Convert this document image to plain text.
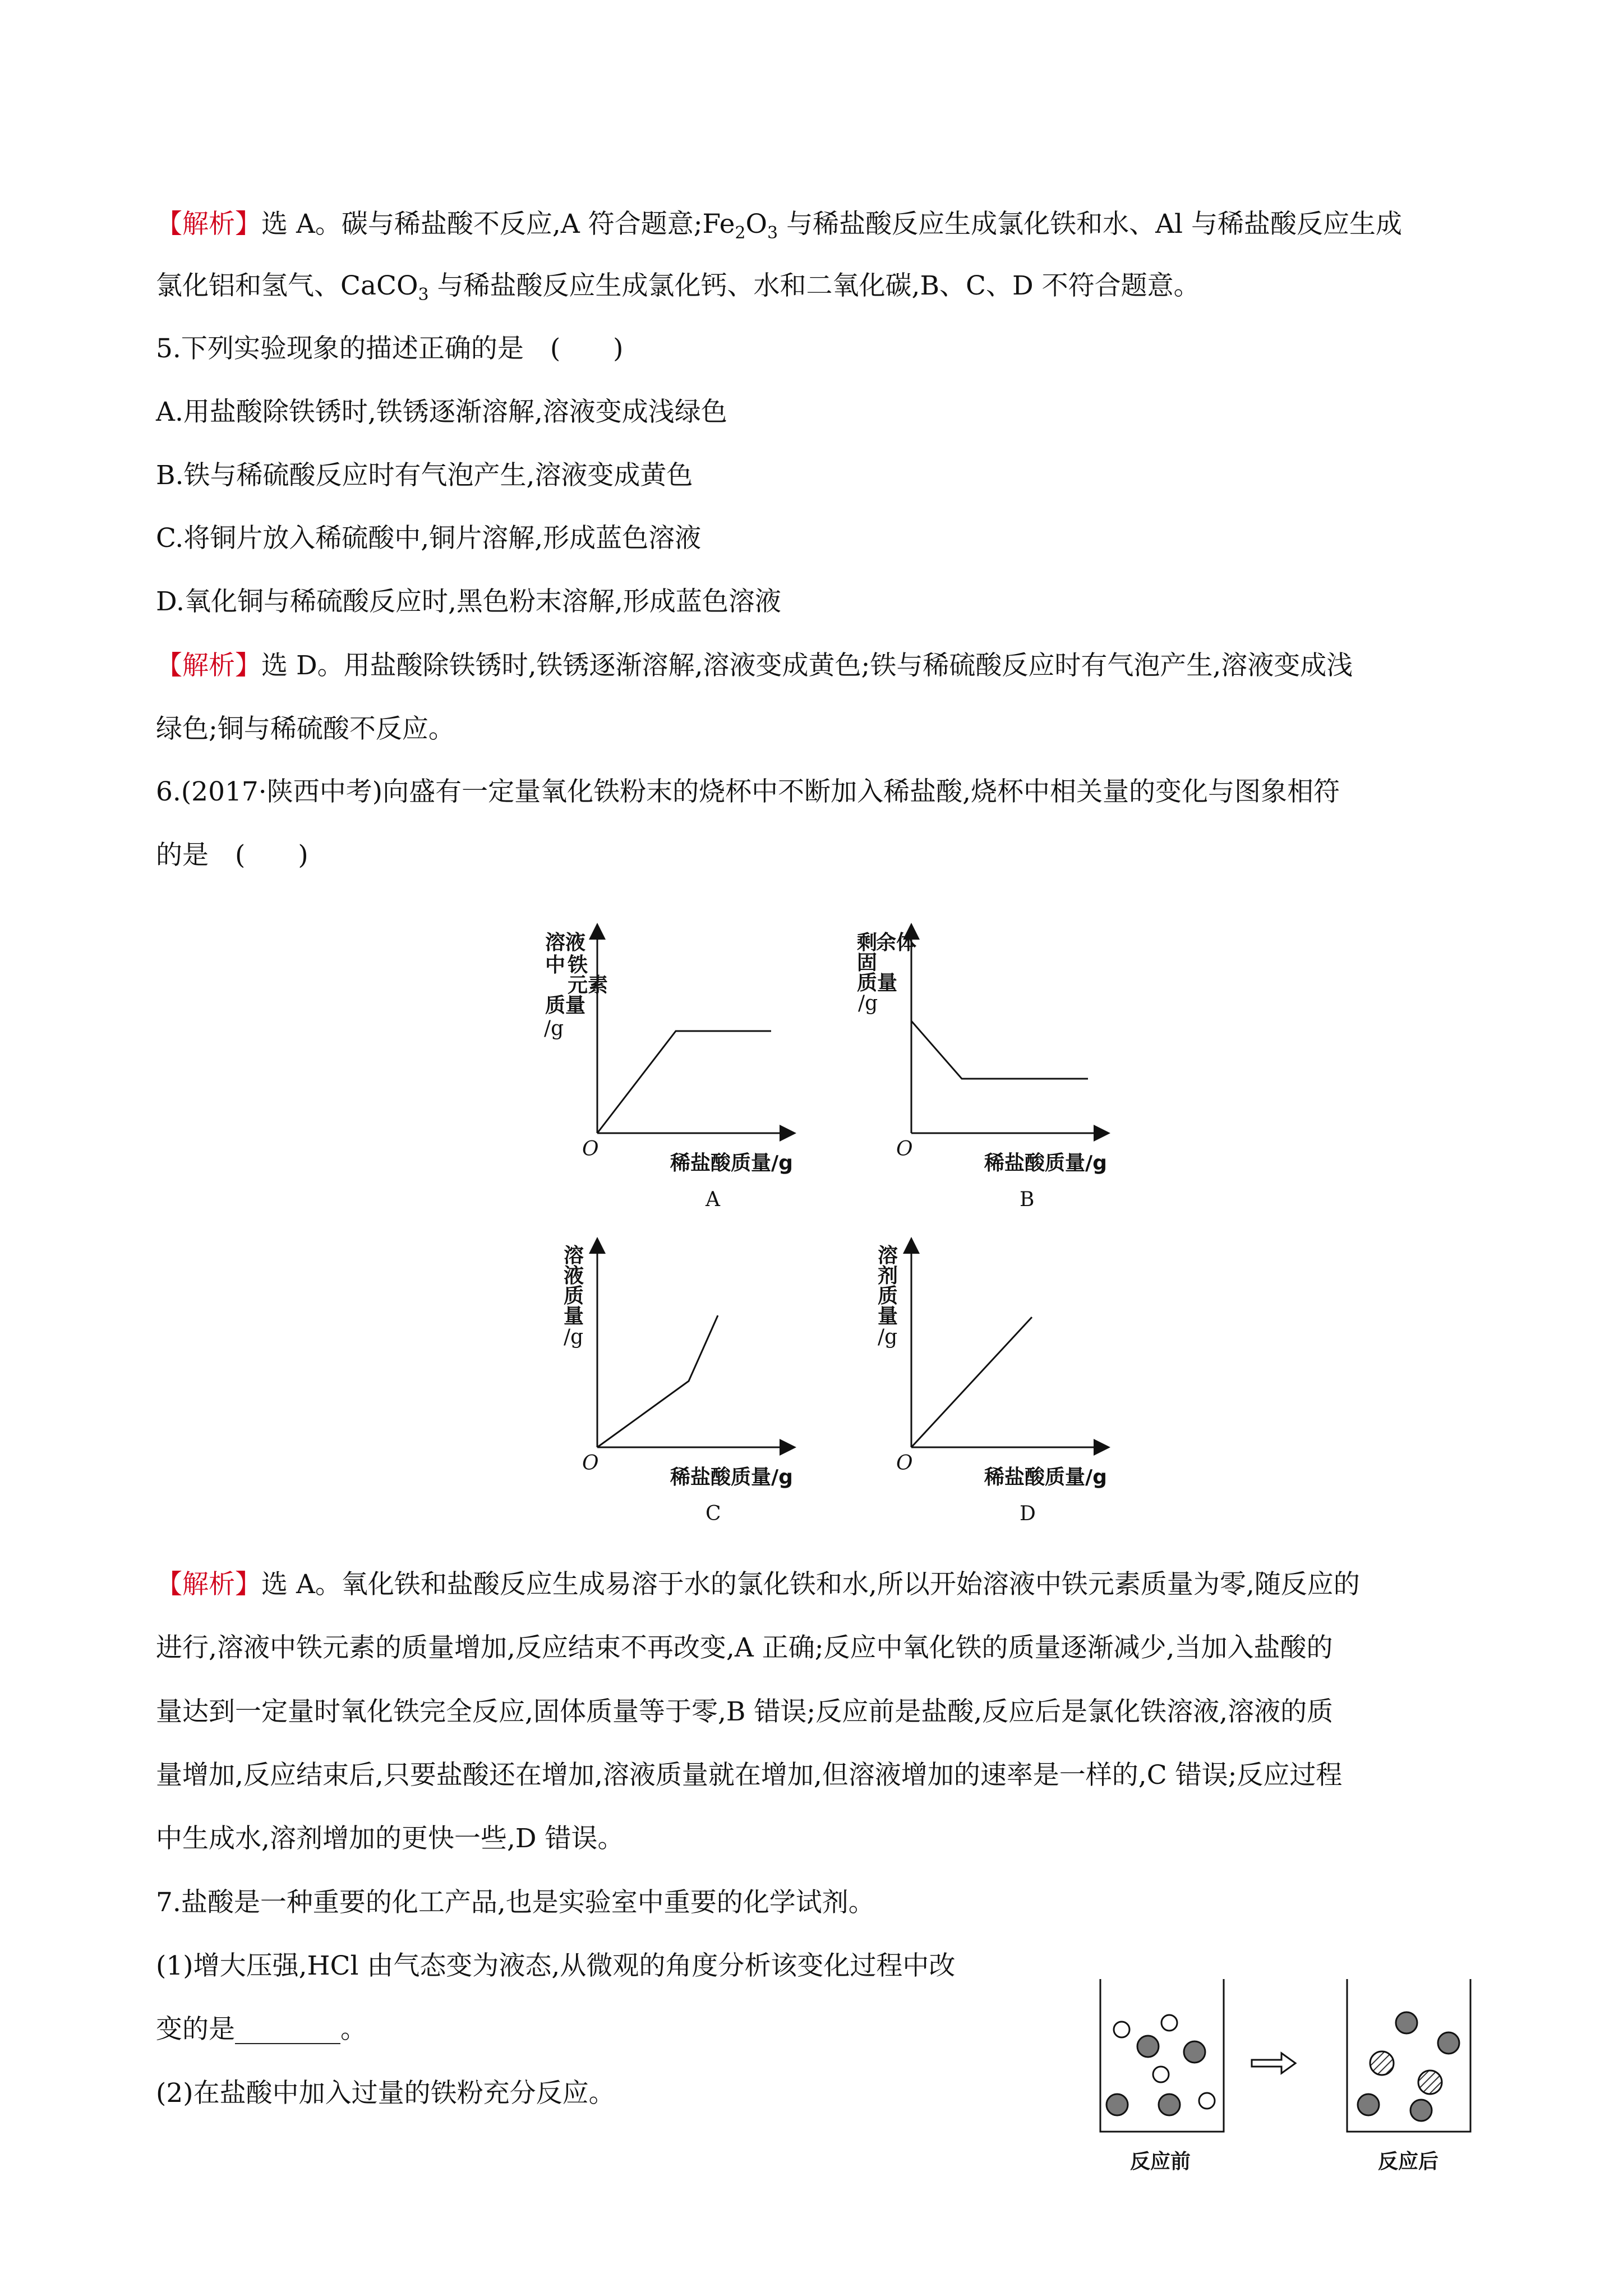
【解析】选 A。碳与稀盐酸不反应,A 符合题意$;Fe_2O_3$ 与稀盐酸反应生成氯化铁和水、Al 与稀盐酸反应生成
氯化铝和氢气、CaCO$_3$ 与稀盐酸反应生成氯化钙、水和二氧化碳,B、C、D 不符合题意。
5.下列实验现象的描述正确的是　(　　)
A.用盐酸除铁锈时,铁锈逐渐溶解,溶液变成浅绿色
B.铁与稀硫酸反应时有气泡产生,溶液变成黄色
C.将铜片放入稀硫酸中,铜片溶解,形成蓝色溶液
D.氧化铜与稀硫酸反应时,黑色粉末溶解,形成蓝色溶液
【解析】选 D。用盐酸除铁锈时,铁锈逐渐溶解,溶液变成黄色;铁与稀硫酸反应时有气泡产生,溶液变成浅
绿色;铜与稀硫酸不反应。
6.(2017·陕西中考)向盛有一定量氧化铁粉末的烧杯中不断加入稀盐酸,烧杯中相关量的变化与图象相符
的是　(　　)
溶液
中 铁
元素
质量
/g
O
稀盐酸质量/g
A
剩
余体
固
质量
/g
O
稀盐酸质量/g
B
溶
液
质
量
/g
O
稀盐酸质量/g
C
溶
剂
质
量
/g
O
稀盐酸质量/g
D
【解析】选 A。氧化铁和盐酸反应生成易溶于水的氯化铁和水,所以开始溶液中铁元素质量为零,随反应的
进行,溶液中铁元素的质量增加,反应结束不再改变,A 正确;反应中氧化铁的质量逐渐减少,当加入盐酸的
量达到一定量时氧化铁完全反应,固体质量等于零,B 错误;反应前是盐酸,反应后是氯化铁溶液,溶液的质
量增加,反应结束后,只要盐酸还在增加,溶液质量就在增加,但溶液增加的速率是一样的,C 错误;反应过程
中生成水,溶剂增加的更快一些,D 错误。
7.盐酸是一种重要的化工产品,也是实验室中重要的化学试剂。
(1)增大压强,HCl 由气态变为液态,从微观的角度分析该变化过程中改
变的是________。
(2)在盐酸中加入过量的铁粉充分反应。
反应前	反应后
